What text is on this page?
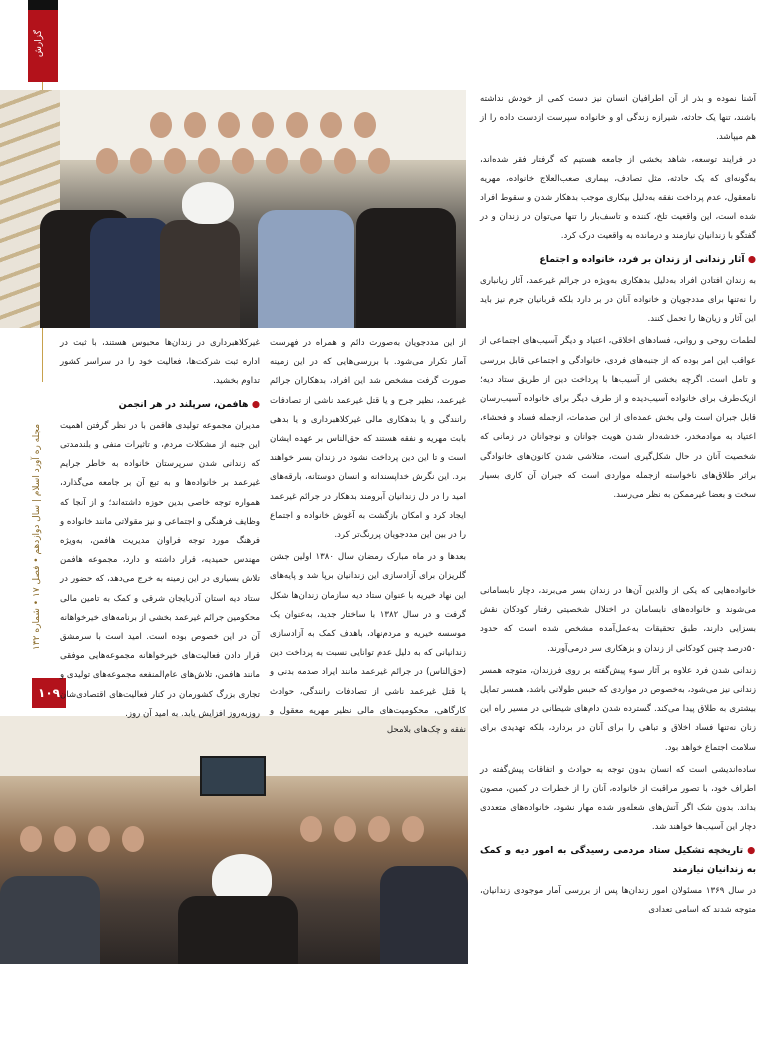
گزارش
مجله ره آورد اسلام | سال دوازدهم • فصل ۱۷ • شماره ۱۳۲
۱۰۹

آشنا نموده و بذر از آن اطرافیان انسان نیز دست کمی از خودش نداشته باشند، تنها یک حادثه، شیرازه زندگی او و خانواده سپرست ازدست داده را از هم میپاشد.

در فرایند توسعه، شاهد بخشی از جامعه هستیم که گرفتار فقر شده‌اند، به‌گونه‌ای که یک حادثه، مثل تصادف، بیماری صعب‌العلاج خانواده، مهریه نامعقول، عدم پرداخت نفقه به‌دلیل بیکاری موجب بدهکار شدن و سقوط افراد شده است، این واقعیت تلخ، کننده و تاسف‌بار را تنها می‌توان در زندان و در گفتگو با زندانیان نیازمند و درمانده به واقعیت درک کرد.

● آثار زندانی از زندان بر فرد، خانواده و اجتماع

به زندان افتادن افراد به‌دلیل بدهکاری به‌ویژه در جرائم غیرعمد، آثار زیانباری را نه‌تنها برای مددجویان و خانواده آنان در بر دارد بلکه قربانیان جرم نیز باید این آثار و زیان‌ها را تحمل کنند.

لطمات روحی و روانی، فسادهای اخلاقی، اعتیاد و دیگر آسیب‌های اجتماعی از عواقب این امر بوده که از جنبه‌های فردی، خانوادگی و اجتماعی قابل بررسی و تامل است. اگرچه بخشی از آسیب‌ها با پرداخت دین از طریق ستاد دیه؛ ازیک‌طرف برای خانواده آسیب‌دیده و از طرف دیگر برای خانواده آسیب‌رسان قابل جبران است ولی بخش عمده‌ای از این صدمات، ازجمله فساد و فحشاء، اعتیاد به موادمخدر، خدشه‌دار شدن هویت جوانان و نوجوانان در زمانی که شخصیت آنان در حال شکل‌گیری است، متلاشی شدن کانون‌های خانوادگی براثر طلاق‌های ناخواسته ازجمله مواردی است که جبران آن کاری بسیار سخت و بعضا غیرممکن به نظر می‌رسد.

خانواده‌هایی که یکی از والدین آن‌ها در زندان بسر می‌برند، دچار نابسامانی می‌شوند و خانواده‌های نابسامان در اختلال شخصیتی رفتار کودکان نقش بسزایی دارند، طبق تحقیقات به‌عمل‌آمده مشخص شده است که حدود ۵۰درصد چنین کودکانی از زندان و بزهکاری سر درمی‌آورند.

زندانی شدن فرد علاوه بر آثار سوء پیش‌گفته بر روی فرزندان، متوجه همسر زندانی نیز می‌شود، به‌خصوص در مواردی که حبس طولانی باشد، همسر تمایل بیشتری به طلاق پیدا می‌کند. گسترده شدن دام‌های شیطانی در مسیر راه این زنان نه‌تنها فساد اخلاق و تباهی را برای آنان در بردارد، بلکه تهدیدی برای سلامت اجتماع خواهد بود.

ساده‌اندیشی است که انسان بدون توجه به حوادث و اتفاقات پیش‌گفته در اطراف خود، با تصور مراقبت از خانواده، آنان را از خطرات در کمین، مصون بداند. بدون شک اگر آتش‌های شعله‌ور شده مهار نشود، خانواده‌های متعددی دچار این آسیب‌ها خواهند شد.

● تاریخچه تشکیل ستاد مردمی رسیدگی به امور دیه و کمک به زندانیان نیازمند

در سال ۱۳۶۹ مسئولان امور زندان‌ها پس از بررسی آمار موجودی زندانیان، متوجه شدند که اسامی تعدادی

از این مددجویان به‌صورت دائم و همراه در فهرست آمار تکرار می‌شود. با بررسی‌هایی که در این زمینه صورت گرفت مشخص شد این افراد، بدهکاران جرائم غیرعمد، نظیر جرح و یا قتل غیرعمد ناشی از تصادفات رانندگی و یا بدهکاری مالی غیرکلاهبرداری و یا بدهی بابت مهریه و نفقه هستند که حق‌الناس بر عهده ایشان است و تا این دین پرداخت نشود در زندان بسر خواهند برد. این نگرش خداپسندانه و انسان دوستانه، بارقه‌های امید را در دل زندانیان آبرومند بدهکار در جرائم غیرعمد ایجاد کرد و امکان بازگشت به آغوش خانواده و اجتماع را در بین این مددجویان پررنگ‌تر کرد.

بعدها و در ماه مبارک رمضان سال ۱۳۸۰ اولین جشن گلریزان برای آزادسازی این زندانیان برپا شد و پایه‌های این نهاد خیریه با عنوان ستاد دیه سازمان زندان‌ها شکل گرفت و در سال ۱۳۸۲ با ساختار جدید، به‌عنوان یک موسسه خیریه و مردم‌نهاد، باهدف کمک به آزادسازی زندانیانی که به دلیل عدم توانایی نسبت به پرداخت دین (حق‌الناس) در جرائم غیرعمد مانند ایراد صدمه بدنی و یا قتل غیرعمد ناشی از تصادفات رانندگی، حوادث کارگاهی، محکومیت‌های مالی نظیر مهریه معقول و نفقه و چک‌های بلامحل

غیرکلاهبرداری در زندان‌ها محبوس هستند، با ثبت در اداره ثبت شرکت‌ها، فعالیت خود را در سراسر کشور تداوم بخشید.

● هافمن، سرپلند در هر انجمن

مدیران مجموعه تولیدی هافمن با در نظر گرفتن اهمیت این جنبه از مشکلات مردم، و تاثیرات منفی و بلندمدتی که زندانی شدن سرپرستان خانواده به خاطر جرایم غیرعمد بر خانواده‌ها و به تبع آن بر جامعه می‌گذارد، همواره توجه خاصی بدین حوزه داشته‌اند؛ و از آنجا که وظایف فرهنگی و اجتماعی و نیز مقولاتی مانند خانواده و فرهنگ مورد توجه فراوان مدیریت هافمن، به‌ویژه مهندس حمیدیه، قرار داشته و دارد، مجموعه هافمن تلاش بسیاری در این زمینه به خرج می‌دهد، که حضور در ستاد دیه استان آذربایجان شرقی و کمک به تامین مالی محکومین جرائم غیرعمد بخشی از برنامه‌های خیرخواهانه آن در این خصوص بوده است. امید است با سرمشق قرار دادن فعالیت‌های خیرخواهانه مجموعه‌هایی موفقی مانند هافمن، تلاش‌های عام‌المنفعه مجموعه‌های تولیدی و تجاری بزرگ کشورمان در کنار فعالیت‌های اقتصادی‌شان روزبه‌روز افزایش یابد. به امید آن روز.
